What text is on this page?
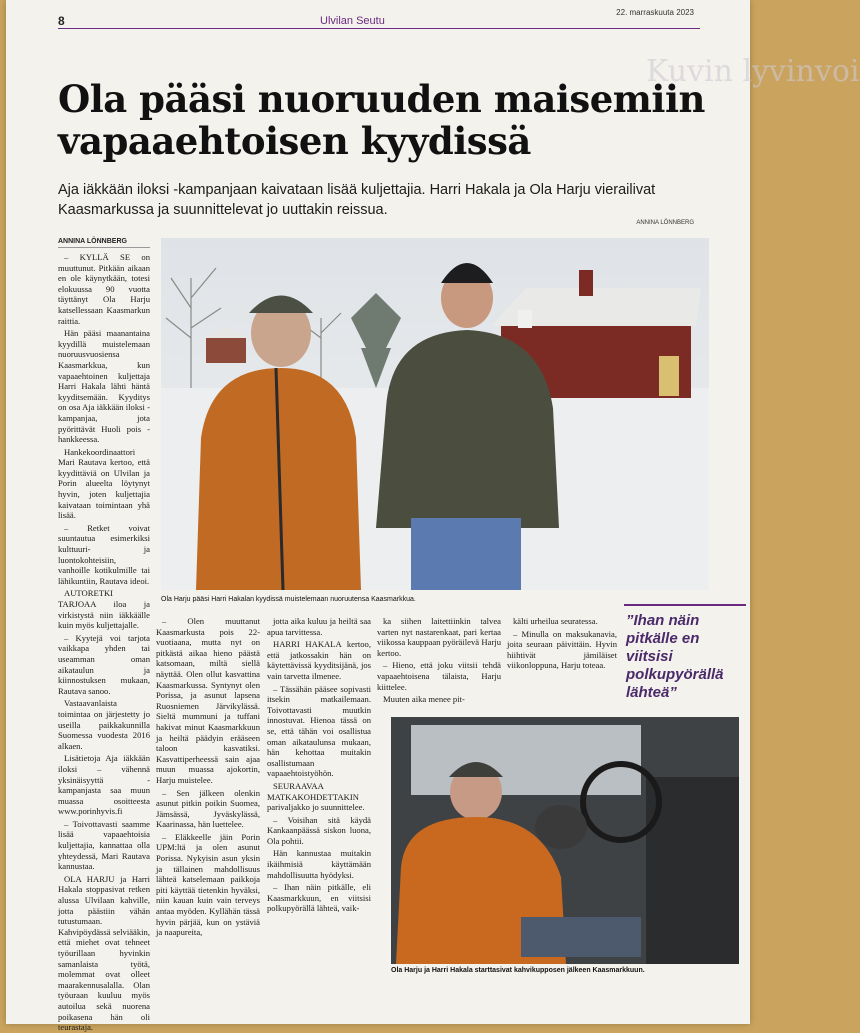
8	Ulvilan Seutu
22. marraskuuta 2023
Kuvin lyvinvoi
Ola pääsi nuoruuden maisemiin vapaaehtoisen kyydissä
Aja iäkkään iloksi -kampanjaan kaivataan lisää kuljettajia. Harri Hakala ja Ola Harju vierailivat Kaasmarkussa ja suunnittelevat jo uuttakin reissua.
ANNINA LÖNNBERG
ANNINA LÖNNBERG

– KYLLÄ SE on muuttunut. Pitkään aikaan en ole käynytkään, totesi elokuussa 90 vuotta täyttänyt Ola Harju katsellessaan Kaasmarkun raittia.

Hän pääsi maanantaina kyydillä muistelemaan nuoruusvuosiensa Kaasmarkkua, kun vapaaehtoinen kuljettaja Harri Hakala lähti häntä kyyditsemään. Kyyditys on osa Aja iäkkään iloksi -kampanjaa, jota pyörittävät Huoli pois -hankkeessa.

Hankekoordinaattori Mari Rautava kertoo, että kyydittäviä on Ulvilan ja Porin alueelta löytynyt hyvin, joten kuljettajia kaivataan toimintaan yhä lisää.

– Retket voivat suuntautua esimerkiksi kulttuuri- ja luontokohteisiin, vanhoille kotikulmille tai lähikuntiin, Rautava ideoi.

AUTORETKI TARJOAA iloa ja virkistystä niin iäkkäälle kuin myös kuljettajalle.

– Kyytejä voi tarjota vaikkapa yhden tai useamman oman aikataulun ja kiinnostuksen mukaan, Rautava sanoo.

Vastaavanlaista toimintaa on järjestetty jo useilla paikkakunnilla Suomessa vuodesta 2016 alkaen.

Lisätietoja Aja iäkkään iloksi – vähennä yksinäisyyttä -kampanjasta saa muun muassa osoitteesta www.porinhyvis.fi

– Toivottavasti saamme lisää vapaaehtoisia kuljettajia, kannattaa olla yhteydessä, Mari Rautava kannustaa.

OLA HARJU ja Harri Hakala stoppasivat retken alussa Ulvilaan kahville, jotta päästiin vähän tutustumaan. Kahvipöydässä selviääkin, että miehet ovat tehneet työurillaan hyvinkin samanlaista työtä, molemmat ovat olleet maarakennusalalla. Olan työuraan kuuluu myös autoilua sekä nuorena poikasena hän oli teurastaja.

Ola Harju pääsi Harri Hakalan kyydissä muistelemaan nuoruutensa Kaasmarkkua.

– Olen muuttanut Kaasmarkusta pois 22-vuotiaana, mutta nyt on pitkästä aikaa hieno päästä katsomaan, miltä siellä näyttää. Olen ollut kasvattina Kaasmarkussa. Syntynyt olen Porissa, ja asunut lapsena Ruosniemen Järvikylässä. Sieltä mummuni ja tuffani hakivat minut Kaasmarkkuun ja heiltä päädyin erääseen taloon kasvatiksi. Kasvattiperheessä sain ajaa muun muassa ajokortin, Harju muistelee.

– Sen jälkeen olenkin asunut pitkin poikin Suomea, Jämsässä, Jyväskylässä, Kaarinassa, hän luettelee.

– Eläkkeelle jäin Porin UPM:ltä ja olen asunut Porissa. Nykyisin asun yksin ja tällainen mahdollisuus lähteä katselemaan paikkoja piti käyttää tietenkin hyväksi, niin kauan kuin vain terveys antaa myöden. Kyllähän tässä hyvin pärjää, kun on ystäviä ja naapureita,

jotta aika kuluu ja heiltä saa apua tarvittessa.

HARRI HAKALA kertoo, että jatkossakin hän on käytettävissä kyyditsijänä, jos vain tarvetta ilmenee.

– Tässähän pääsee sopivasti itsekin matkailemaan. Toivottavasti muutkin innostuvat. Hienoa tässä on se, että tähän voi osallistua oman aikataulunsa mukaan, hän kehottaa muitakin osallistumaan vapaaehtoistyöhön.

SEURAAVAA MATKAKOHDETTAKIN parivaljakko jo suunnittelee.

– Voisihan sitä käydä Kankaanpäässä siskon luona, Ola pohtii.

Hän kannustaa muitakin ikäihmisiä käyttämään mahdollisuutta hyödyksi.

– Ihan näin pitkälle, eli Kaasmarkkuun, en viitsisi polkupyörällä lähteä, vaik-

ka siihen laitettiinkin talvea varten nyt nastarenkaat, pari kertaa viikossa kauppaan pyöräilevä Harju kertoo.

– Hieno, että joku viitsii tehdä vapaaehtoisena tälaista, Harju kiittelee.

Muuten aika menee pit-

kälti urheilua seuratessa.

– Minulla on maksukanavia, joita seuraan päivittäin. Hyvin hiihtivät jämiläiset viikonloppuna, Harju toteaa.

”Ihan näin pitkälle en viitsisi polkupyörällä lähteä”
Ola Harju ja Harri Hakala starttasivat kahvikupposen jälkeen Kaasmarkkuun.
